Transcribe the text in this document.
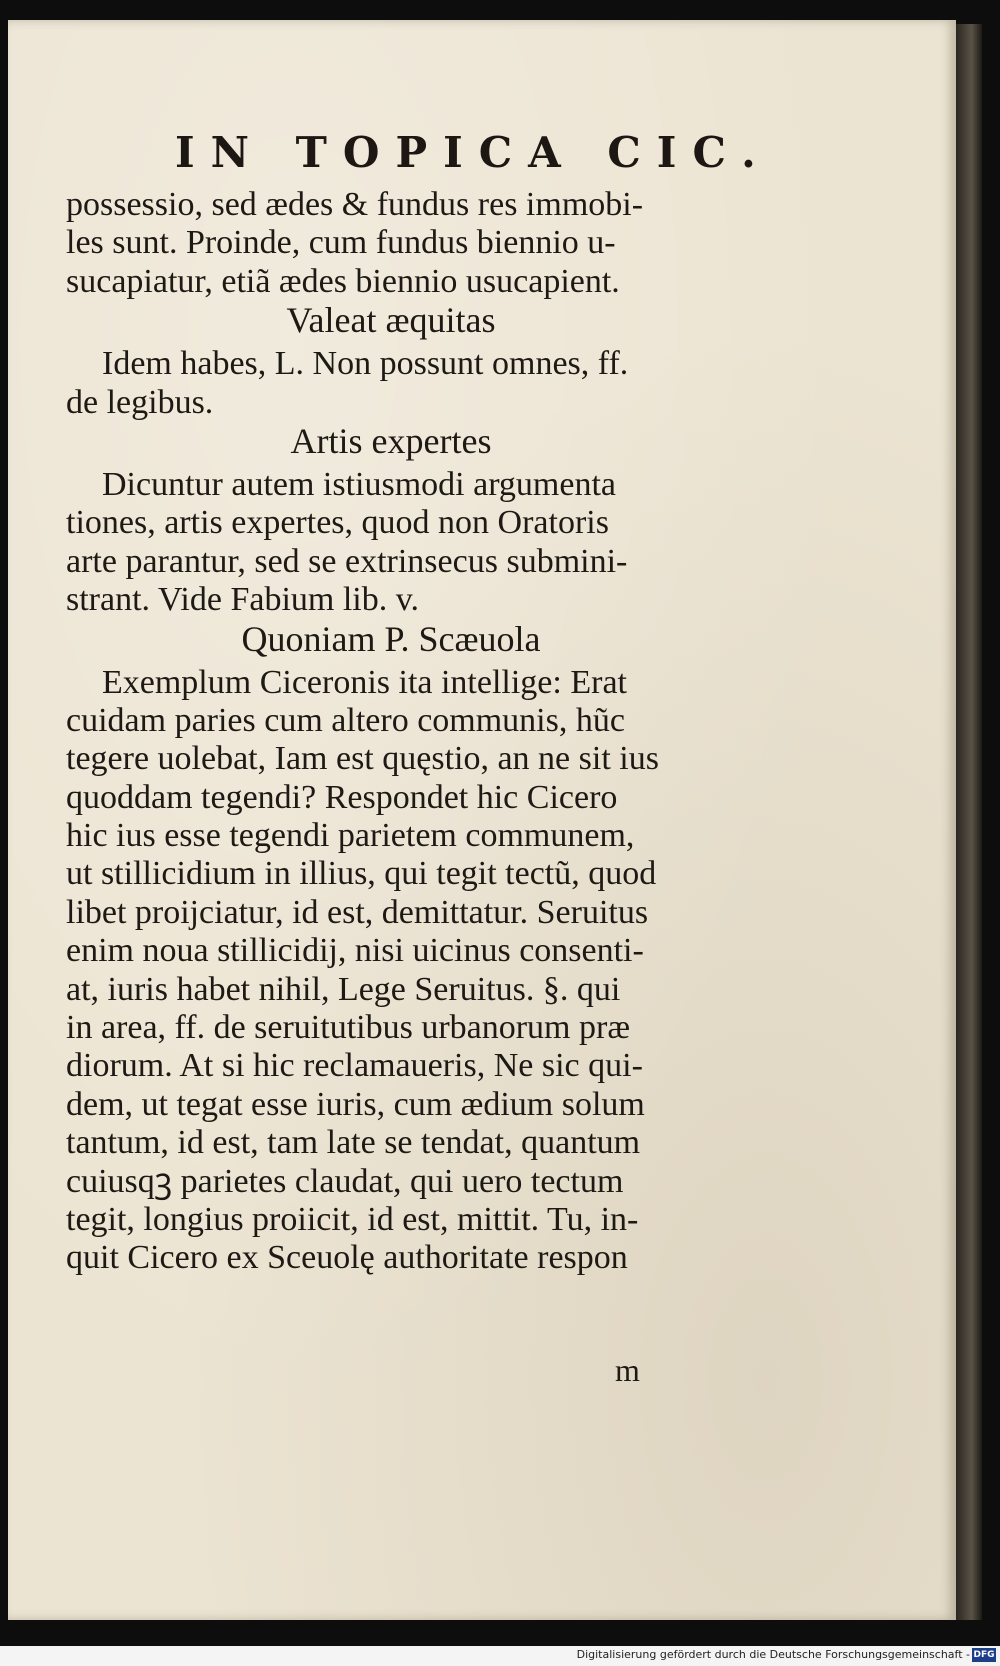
IN TOPICA CIC.
possessio, sed ædes & fundus res immobi-
les sunt. Proinde, cum fundus biennio u-
sucapiatur, etiã ædes biennio usucapient.
Valeat æquitas
Idem habes, L. Non possunt omnes, ff.
de legibus.
Artis expertes
Dicuntur autem istiusmodi argumenta
tiones, artis expertes, quod non Oratoris
arte parantur, sed se extrinsecus submini-
strant. Vide Fabium lib. v.
Quoniam P. Scæuola
Exemplum Ciceronis ita intellige: Erat
cuidam paries cum altero communis, hũc
tegere uolebat, Iam est quęstio, an ne sit ius
quoddam tegendi? Respondet hic Cicero
hic ius esse tegendi parietem communem,
ut stillicidium in illius, qui tegit tectũ, quod
libet proĳciatur, id est, demittatur. Seruitus
enim noua stillicidĳ, nisi uicinus consenti-
at, iuris habet nihil, Lege Seruitus. §. qui
in area, ff. de seruitutibus urbanorum præ
diorum. At si hic reclamaueris, Ne sic qui-
dem, ut tegat esse iuris, cum ædium solum
tantum, id est, tam late se tendat, quantum
cuiusqꝫ parietes claudat, qui uero tectum
tegit, longius proiicit, id est, mittit. Tu, in-
quit Cicero ex Sceuolę authoritate respon
m
Digitalisierung gefördert durch die Deutsche Forschungsgemeinschaft - DFG
